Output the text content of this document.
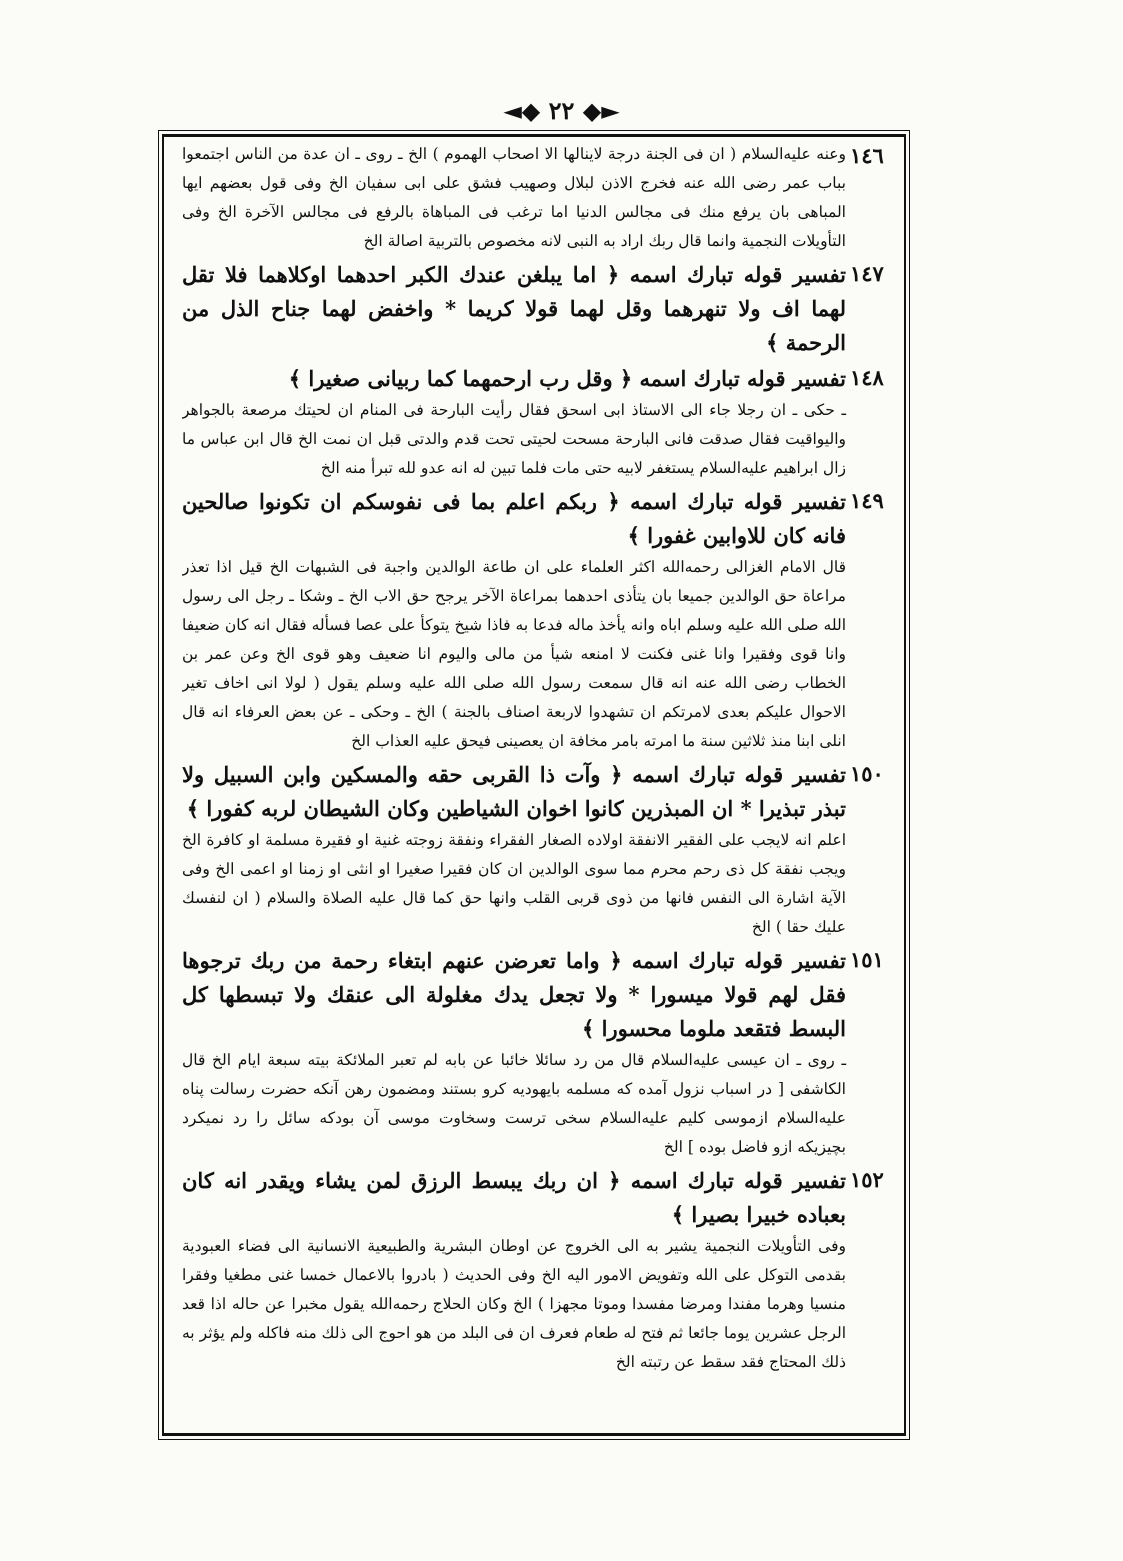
◄◆ ٢٢ ◆►
١٤٦

وعنه عليه‌السلام ( ان فى الجنة درجة لاينالها الا اصحاب الهموم ) الخ ـ روى ـ ان عدة من الناس اجتمعوا بباب عمر رضى الله عنه فخرج الاذن لبلال وصهيب فشق على ابى سفيان الخ وفى قول بعضهم ايها المباهى بان يرفع منك فى مجالس الدنيا اما ترغب فى المباهاة بالرفع فى مجالس الآخرة الخ وفى التأويلات النجمية وانما قال ربك اراد به النبى لانه مخصوص بالتربية اصالة الخ

١٤٧

تفسير قوله تبارك اسمه ﴿ اما يبلغن عندك الكبر احدهما اوكلاهما فلا تقل لهما اف ولا تنهرهما وقل لهما قولا كريما * واخفض لهما جناح الذل من الرحمة ﴾

١٤٨

تفسير قوله تبارك اسمه ﴿ وقل رب ارحمهما كما ربيانى صغيرا ﴾

ـ حكى ـ ان رجلا جاء الى الاستاذ ابى اسحق فقال رأيت البارحة فى المنام ان لحيتك مرصعة بالجواهر واليواقيت فقال صدقت فانى البارحة مسحت لحيتى تحت قدم والدتى قبل ان نمت الخ قال ابن عباس ما زال ابراهيم عليه‌السلام يستغفر لابيه حتى مات فلما تبين له انه عدو لله تبرأ منه الخ

١٤٩

تفسير قوله تبارك اسمه ﴿ ربكم اعلم بما فى نفوسكم ان تكونوا صالحين فانه كان للاوابين غفورا ﴾

قال الامام الغزالى رحمه‌الله اكثر العلماء على ان طاعة الوالدين واجبة فى الشبهات الخ قيل اذا تعذر مراعاة حق الوالدين جميعا بان يتأذى احدهما بمراعاة الآخر يرجح حق الاب الخ ـ وشكا ـ رجل الى رسول الله صلى الله عليه وسلم اباه وانه يأخذ ماله فدعا به فاذا شيخ يتوكأ على عصا فسأله فقال انه كان ضعيفا وانا قوى وفقيرا وانا غنى فكنت لا امنعه شيأ من مالى واليوم انا ضعيف وهو قوى الخ وعن عمر بن الخطاب رضى الله عنه انه قال سمعت رسول الله صلى الله عليه وسلم يقول ( لولا انى اخاف تغير الاحوال عليكم بعدى لامرتكم ان تشهدوا لاربعة اصناف بالجنة ) الخ ـ وحكى ـ عن بعض العرفاء انه قال انلى ابنا منذ ثلاثين سنة ما امرته بامر مخافة ان يعصينى فيحق عليه العذاب الخ

١٥٠

تفسير قوله تبارك اسمه ﴿ وآت ذا القربى حقه والمسكين وابن السبيل ولا تبذر تبذيرا * ان المبذرين كانوا اخوان الشياطين وكان الشيطان لربه كفورا ﴾

اعلم انه لايجب على الفقير الانفقة اولاده الصغار الفقراء ونفقة زوجته غنية او فقيرة مسلمة او كافرة الخ ويجب نفقة كل ذى رحم محرم مما سوى الوالدين ان كان فقيرا صغيرا او انثى او زمنا او اعمى الخ وفى الآية اشارة الى النفس فانها من ذوى قربى القلب وانها حق كما قال عليه الصلاة والسلام ( ان لنفسك عليك حقا ) الخ

١٥١

تفسير قوله تبارك اسمه ﴿ واما تعرضن عنهم ابتغاء رحمة من ربك ترجوها فقل لهم قولا ميسورا * ولا تجعل يدك مغلولة الى عنقك ولا تبسطها كل البسط فتقعد ملوما محسورا ﴾

ـ روى ـ ان عيسى عليه‌السلام قال من رد سائلا خائبا عن بابه لم تعبر الملائكة بيته سبعة ايام الخ قال الكاشفى [ در اسباب نزول آمده كه مسلمه بايهوديه كرو بستند ومضمون رهن آنكه حضرت رسالت پناه عليه‌السلام ازموسى كليم عليه‌السلام سخى ترست وسخاوت موسى آن بودكه سائل را رد نميكرد بچيزيكه ازو فاضل بوده ] الخ

١٥٢

تفسير قوله تبارك اسمه ﴿ ان ربك يبسط الرزق لمن يشاء ويقدر انه كان بعباده خبيرا بصيرا ﴾

وفى التأويلات النجمية يشير به الى الخروج عن اوطان البشرية والطبيعية الانسانية الى فضاء العبودية بقدمى التوكل على الله وتفويض الامور اليه الخ وفى الحديث ( بادروا بالاعمال خمسا غنى مطغيا وفقرا منسيا وهرما مفندا ومرضا مفسدا وموتا مجهزا ) الخ وكان الحلاج رحمه‌الله يقول مخبرا عن حاله اذا قعد الرجل عشرين يوما جائعا ثم فتح له طعام فعرف ان فى البلد من هو احوج الى ذلك منه فاكله ولم يؤثر به ذلك المحتاج فقد سقط عن رتبته الخ
